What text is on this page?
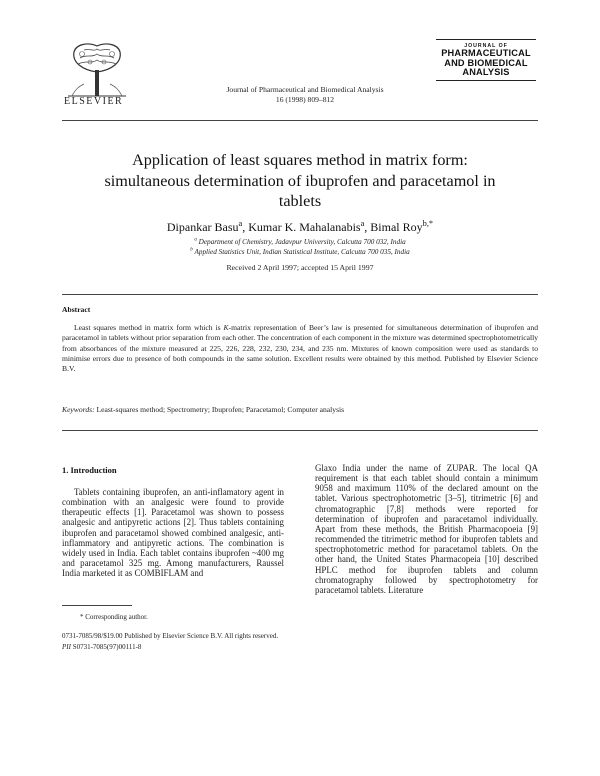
ELSEVIER
Journal of Pharmaceutical and Biomedical Analysis
16 (1998) 809–812
JOURNAL OF
PHARMACEUTICAL
AND BIOMEDICAL
ANALYSIS
Application of least squares method in matrix form:
simultaneous determination of ibuprofen and paracetamol in
tablets
Dipankar Basu$^a$, Kumar K. Mahalanabis$^a$, Bimal Roy$^{b,*}$
$^a$ Department of Chemistry, Jadavpur University, Calcutta 700 032, India
$^b$ Applied Statistics Unit, Indian Statistical Institute, Calcutta 700 035, India
Received 2 April 1997; accepted 15 April 1997
Abstract
Least squares method in matrix form which is K-matrix representation of Beer’s law is presented for simultaneous determination of ibuprofen and paracetamol in tablets without prior separation from each other. The concentration of each component in the mixture was determined spectrophotometrically from absorbances of the mixture measured at 225, 226, 228, 232, 230, 234, and 235 nm. Mixtures of known composition were used as standards to minimise errors due to presence of both compounds in the same solution. Excellent results were obtained by this method. Published by Elsevier Science B.V.
Keywords: Least-squares method; Spectrometry; Ibuprofen; Paracetamol; Computer analysis
1. Introduction
Tablets containing ibuprofen, an anti-inflamatory agent in combination with an analgesic were found to provide therapeutic effects [1]. Paracetamol was shown to possess analgesic and antipyretic actions [2]. Thus tablets containing ibuprofen and paracetamol showed combined analgesic, anti-inflammatory and antipyretic actions. The combination is widely used in India. Each tablet contains ibuprofen ~400 mg and paracetamol 325 mg. Among manufacturers, Raussel India marketed it as COMBIFLAM and
Glaxo India under the name of ZUPAR. The local QA requirement is that each tablet should contain a minimum 9058 and maximum 110% of the declared amount on the tablet. Various spectrophotometric [3–5], titrimetric [6] and chromatographic [7,8] methods were reported for determination of ibuprofen and paracetamol individually. Apart from these methods, the British Pharmacopoeia [9] recommended the titrimetric method for ibuprofen tablets and spectrophotometric method for paracetamol tablets. On the other hand, the United States Pharmacopeia [10] described HPLC method for ibuprofen tablets and column chromatography followed by spectrophotometry for paracetamol tablets. Literature
* Corresponding author.
0731-7085/98/$19.00 Published by Elsevier Science B.V. All rights reserved.
PII S0731-7085(97)00111-8
